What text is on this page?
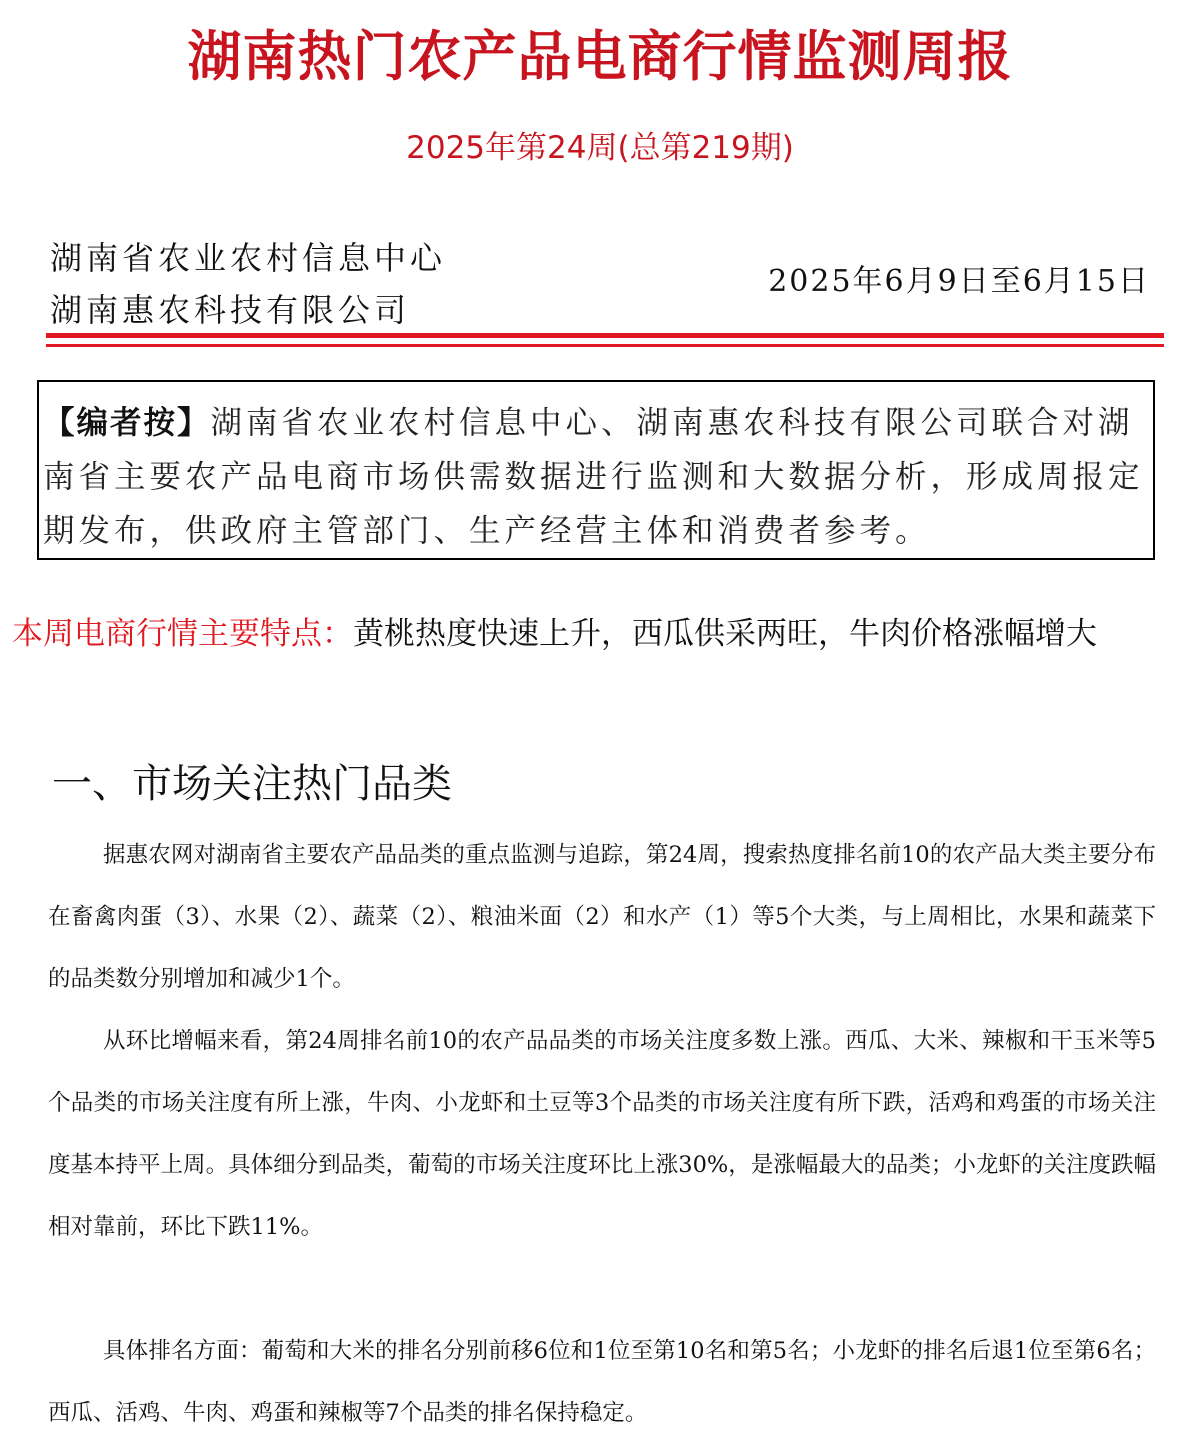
湖南热门农产品电商行情监测周报
2025年第24周(总第219期)
湖南省农业农村信息中心
湖南惠农科技有限公司
2025年6月9日至6月15日
【编者按】湖南省农业农村信息中心、湖南惠农科技有限公司联合对湖南省主要农产品电商市场供需数据进行监测和大数据分析，形成周报定期发布，供政府主管部门、生产经营主体和消费者参考。
本周电商行情主要特点：黄桃热度快速上升，西瓜供采两旺，牛肉价格涨幅增大
一、市场关注热门品类

据惠农网对湖南省主要农产品品类的重点监测与追踪，第24周，搜索热度排名前10的农产品大类主要分布在畜禽肉蛋（3）、水果（2）、蔬菜（2）、粮油米面（2）和水产（1）等5个大类，与上周相比，水果和蔬菜下的品类数分别增加和减少1个。

从环比增幅来看，第24周排名前10的农产品品类的市场关注度多数上涨。西瓜、大米、辣椒和干玉米等5个品类的市场关注度有所上涨，牛肉、小龙虾和土豆等3个品类的市场关注度有所下跌，活鸡和鸡蛋的市场关注度基本持平上周。具体细分到品类，葡萄的市场关注度环比上涨30%，是涨幅最大的品类；小龙虾的关注度跌幅相对靠前，环比下跌11%。

具体排名方面：葡萄和大米的排名分别前移6位和1位至第10名和第5名；小龙虾的排名后退1位至第6名；西瓜、活鸡、牛肉、鸡蛋和辣椒等7个品类的排名保持稳定。
